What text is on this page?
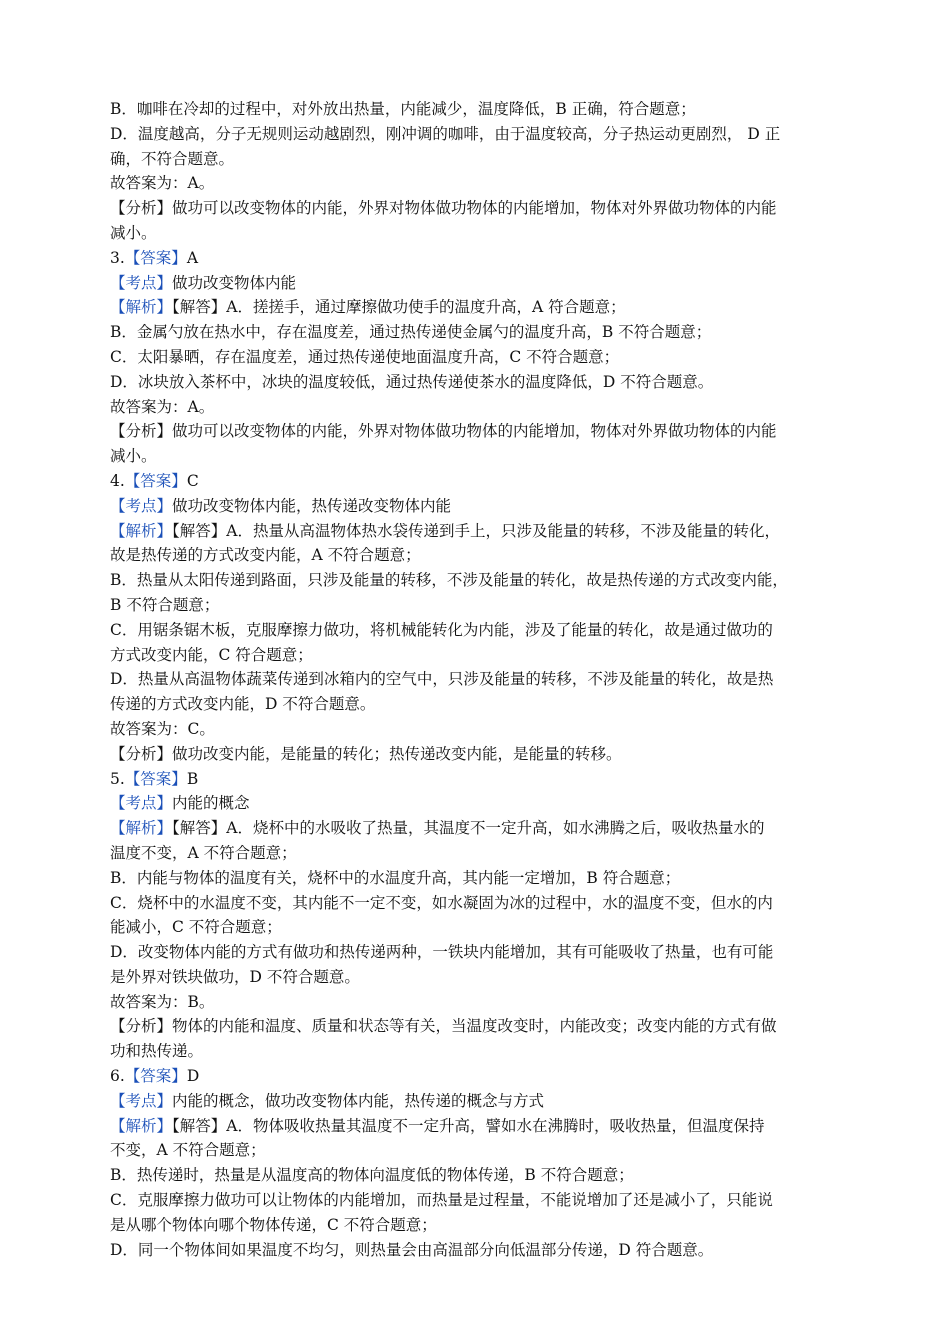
B．咖啡在冷却的过程中，对外放出热量，内能减少，温度降低，B 正确，符合题意；
D．温度越高，分子无规则运动越剧烈，刚冲调的咖啡，由于温度较高，分子热运动更剧烈， D 正
确，不符合题意。
故答案为：A。
【分析】做功可以改变物体的内能，外界对物体做功物体的内能增加，物体对外界做功物体的内能
减小。
3.【答案】A
【考点】做功改变物体内能
【解析】【解答】A．搓搓手，通过摩擦做功使手的温度升高，A 符合题意；
B．金属勺放在热水中，存在温度差，通过热传递使金属勺的温度升高，B 不符合题意；
C．太阳暴晒，存在温度差，通过热传递使地面温度升高，C 不符合题意；
D．冰块放入茶杯中，冰块的温度较低，通过热传递使茶水的温度降低，D 不符合题意。
故答案为：A。
【分析】做功可以改变物体的内能，外界对物体做功物体的内能增加，物体对外界做功物体的内能
减小。
4.【答案】C
【考点】做功改变物体内能，热传递改变物体内能
【解析】【解答】A．热量从高温物体热水袋传递到手上，只涉及能量的转移，不涉及能量的转化，
故是热传递的方式改变内能，A 不符合题意；
B．热量从太阳传递到路面，只涉及能量的转移，不涉及能量的转化，故是热传递的方式改变内能，
B 不符合题意；
C．用锯条锯木板，克服摩擦力做功，将机械能转化为内能，涉及了能量的转化，故是通过做功的
方式改变内能，C 符合题意；
D．热量从高温物体蔬菜传递到冰箱内的空气中，只涉及能量的转移，不涉及能量的转化，故是热
传递的方式改变内能，D 不符合题意。
故答案为：C。
【分析】做功改变内能，是能量的转化；热传递改变内能，是能量的转移。
5.【答案】B
【考点】内能的概念
【解析】【解答】A．烧杯中的水吸收了热量，其温度不一定升高，如水沸腾之后，吸收热量水的
温度不变，A 不符合题意；
B．内能与物体的温度有关，烧杯中的水温度升高，其内能一定增加，B 符合题意；
C．烧杯中的水温度不变，其内能不一定不变，如水凝固为冰的过程中，水的温度不变，但水的内
能减小，C 不符合题意；
D．改变物体内能的方式有做功和热传递两种，一铁块内能增加，其有可能吸收了热量，也有可能
是外界对铁块做功，D 不符合题意。
故答案为：B。
【分析】物体的内能和温度、质量和状态等有关，当温度改变时，内能改变；改变内能的方式有做
功和热传递。
6.【答案】D
【考点】内能的概念，做功改变物体内能，热传递的概念与方式
【解析】【解答】A．物体吸收热量其温度不一定升高，譬如水在沸腾时，吸收热量，但温度保持
不变，A 不符合题意；
B．热传递时，热量是从温度高的物体向温度低的物体传递，B 不符合题意；
C．克服摩擦力做功可以让物体的内能增加，而热量是过程量，不能说增加了还是减小了，只能说
是从哪个物体向哪个物体传递，C 不符合题意；
D．同一个物体间如果温度不均匀，则热量会由高温部分向低温部分传递，D 符合题意。
